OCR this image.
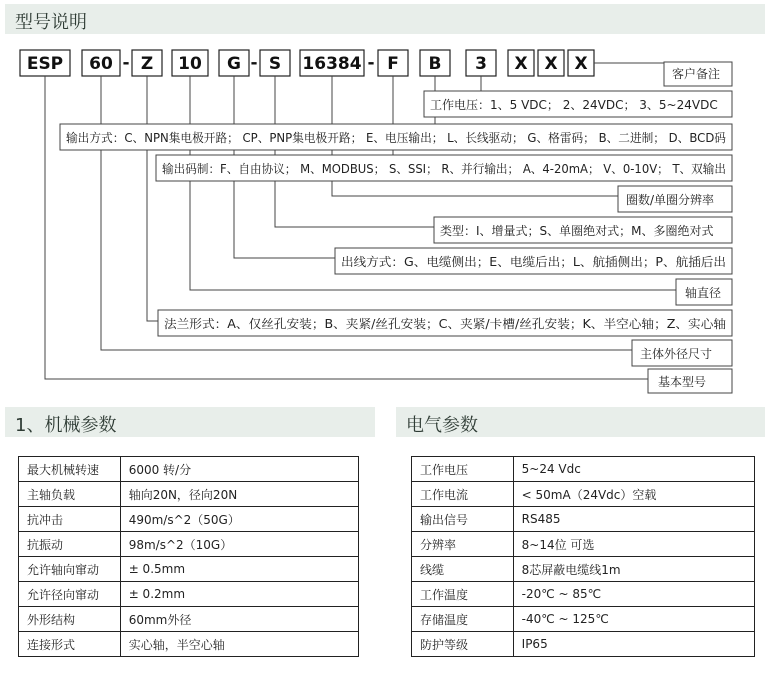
型号说明
ESP 60 Z 10 G S 16384 F B 3 X X X
-	-	-
客户备注
工作电压：1、5 VDC； 2、24VDC； 3、5~24VDC
输出方式：C、NPN集电极开路； CP、PNP集电极开路； E、电压输出； L、长线驱动； G、格雷码； B、二进制； D、BCD码
输出码制：F、自由协议； M、MODBUS； S、SSI； R、并行输出； A、4-20mA； V、0-10V； T、双输出
圈数/单圈分辨率
类型：I、增量式；S、单圈绝对式；M、多圈绝对式
出线方式：G、电缆侧出；E、电缆后出；L、航插侧出；P、航插后出
轴直径
法兰形式：A、仅丝孔安装；B、夹紧/丝孔安装；C、夹紧/卡槽/丝孔安装；K、半空心轴；Z、实心轴
主体外径尺寸
基本型号
1、机械参数	电气参数
最大机械转速	6000 转/分
主轴负载	轴向20N，径向20N
抗冲击	490m/s^2（50G）
抗振动	98m/s^2（10G）
允许轴向窜动	± 0.5mm
允许径向窜动	± 0.2mm
外形结构	60mm外径
连接形式	实心轴，半空心轴
工作电压	5~24 Vdc
工作电流	< 50mA（24Vdc）空载
输出信号	RS485
分辨率	8~14位 可选
线缆	8芯屏蔽电缆线1m
工作温度	-20℃ ~ 85℃
存储温度	-40℃ ~ 125℃
防护等级	IP65
